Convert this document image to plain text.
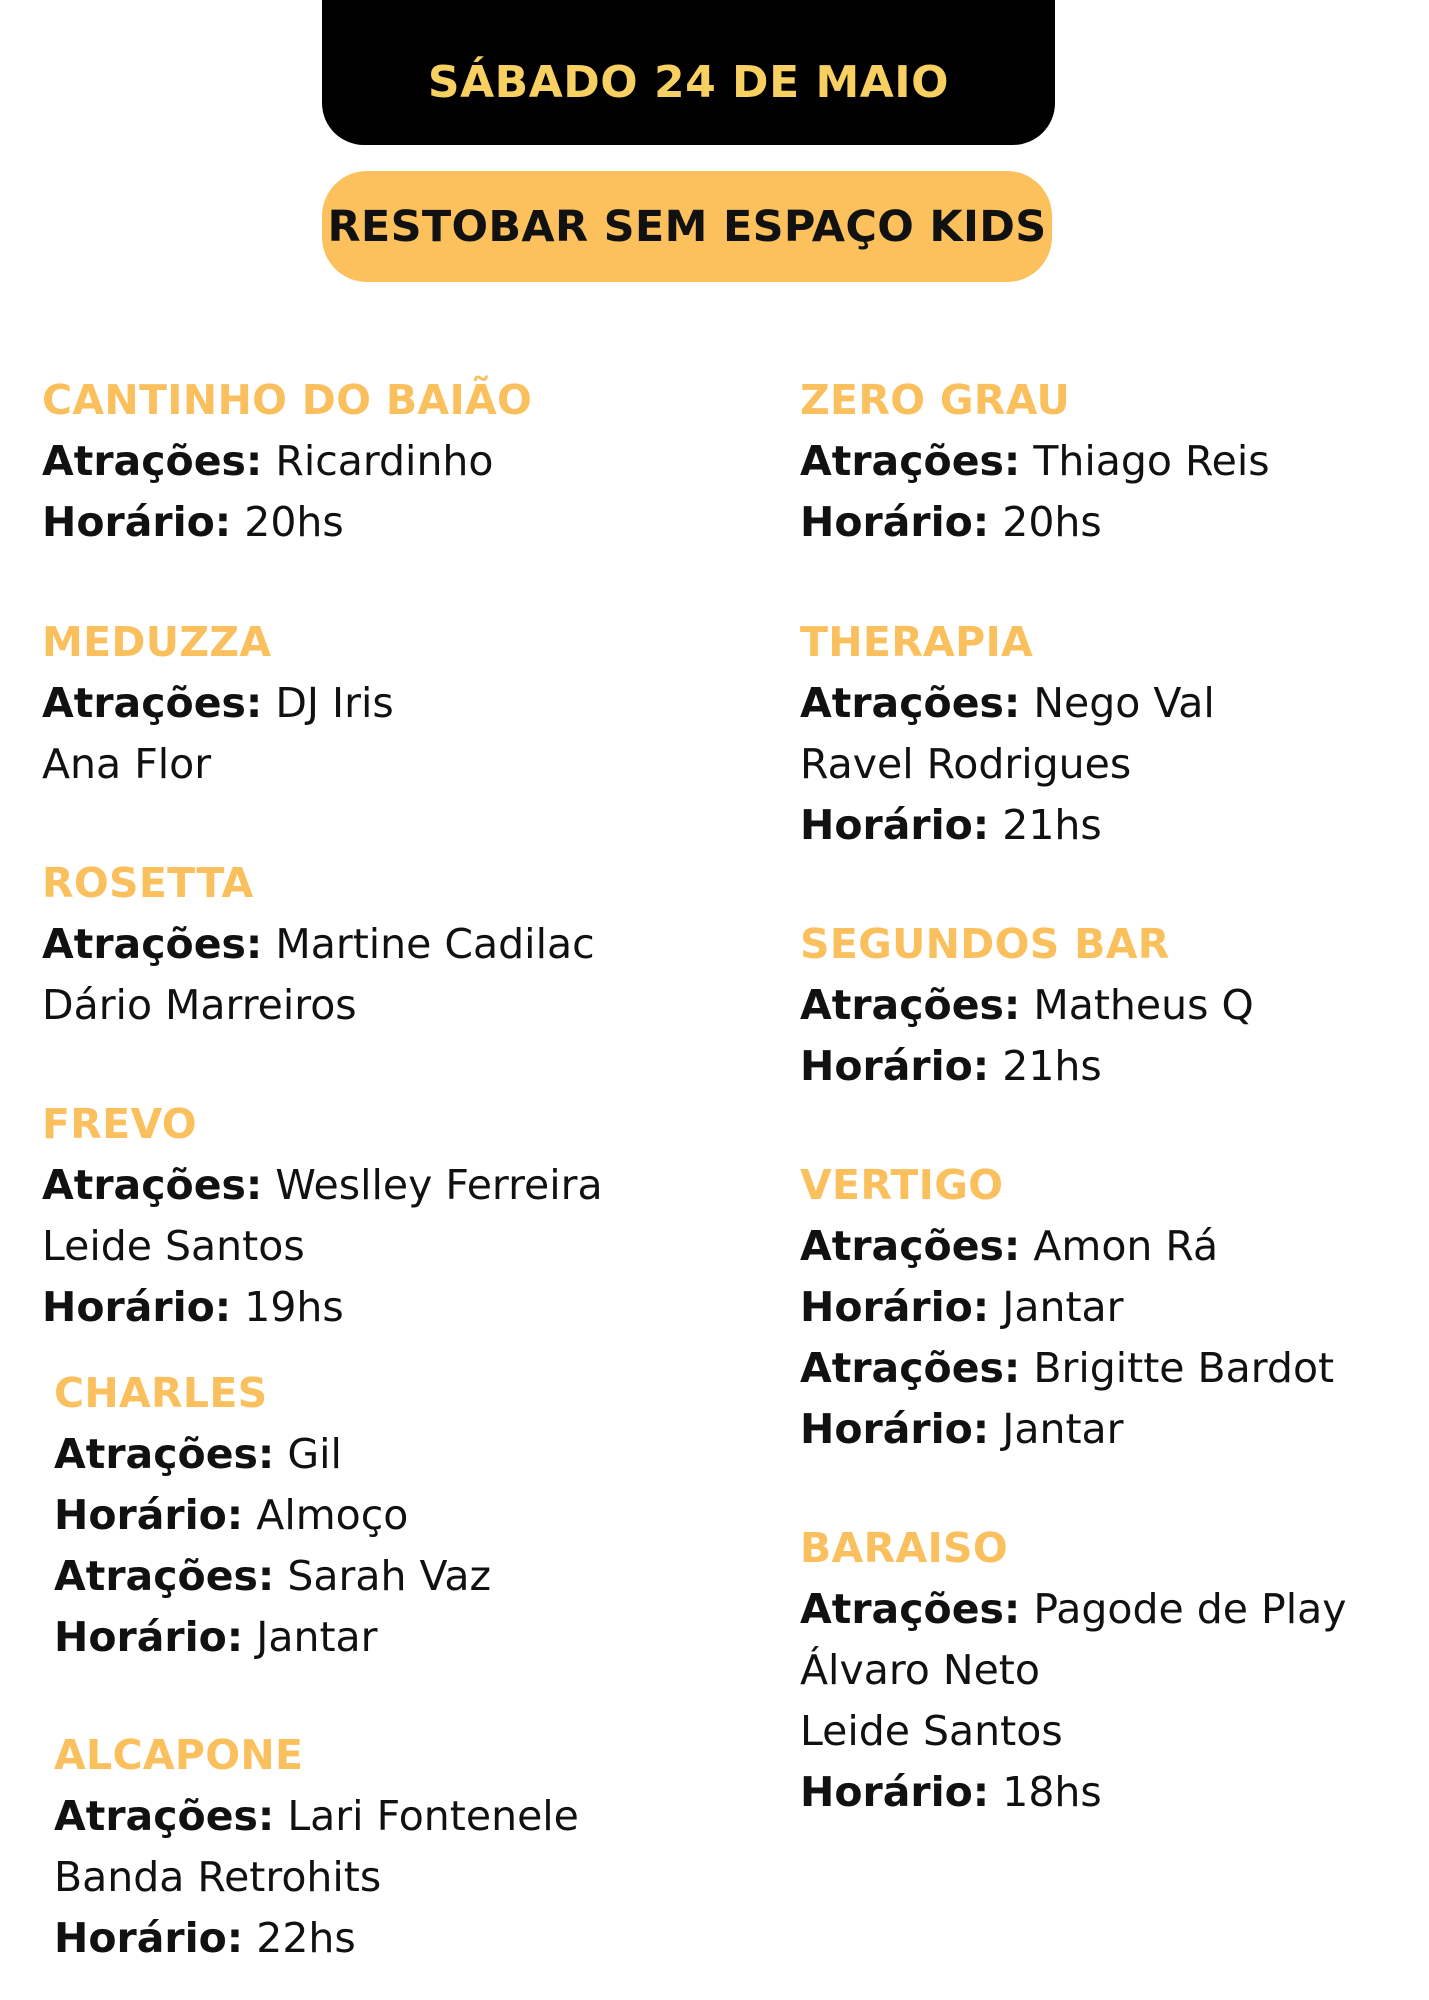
SÁBADO 24 DE MAIO
RESTOBAR SEM ESPAÇO KIDS
CANTINHO DO BAIÃO
Atrações: Ricardinho
Horário: 20hs
MEDUZZA
Atrações: DJ Iris
Ana Flor
ROSETTA
Atrações: Martine Cadilac
Dário Marreiros
FREVO
Atrações: Weslley Ferreira
Leide Santos
Horário: 19hs
CHARLES
Atrações: Gil
Horário: Almoço
Atrações: Sarah Vaz
Horário: Jantar
ALCAPONE
Atrações: Lari Fontenele
Banda Retrohits
Horário: 22hs
ZERO GRAU
Atrações: Thiago Reis
Horário: 20hs
THERAPIA
Atrações: Nego Val
Ravel Rodrigues
Horário: 21hs
SEGUNDOS BAR
Atrações: Matheus Q
Horário: 21hs
VERTIGO
Atrações: Amon Rá
Horário: Jantar
Atrações: Brigitte Bardot
Horário: Jantar
BARAISO
Atrações: Pagode de Play
Álvaro Neto
Leide Santos
Horário: 18hs
